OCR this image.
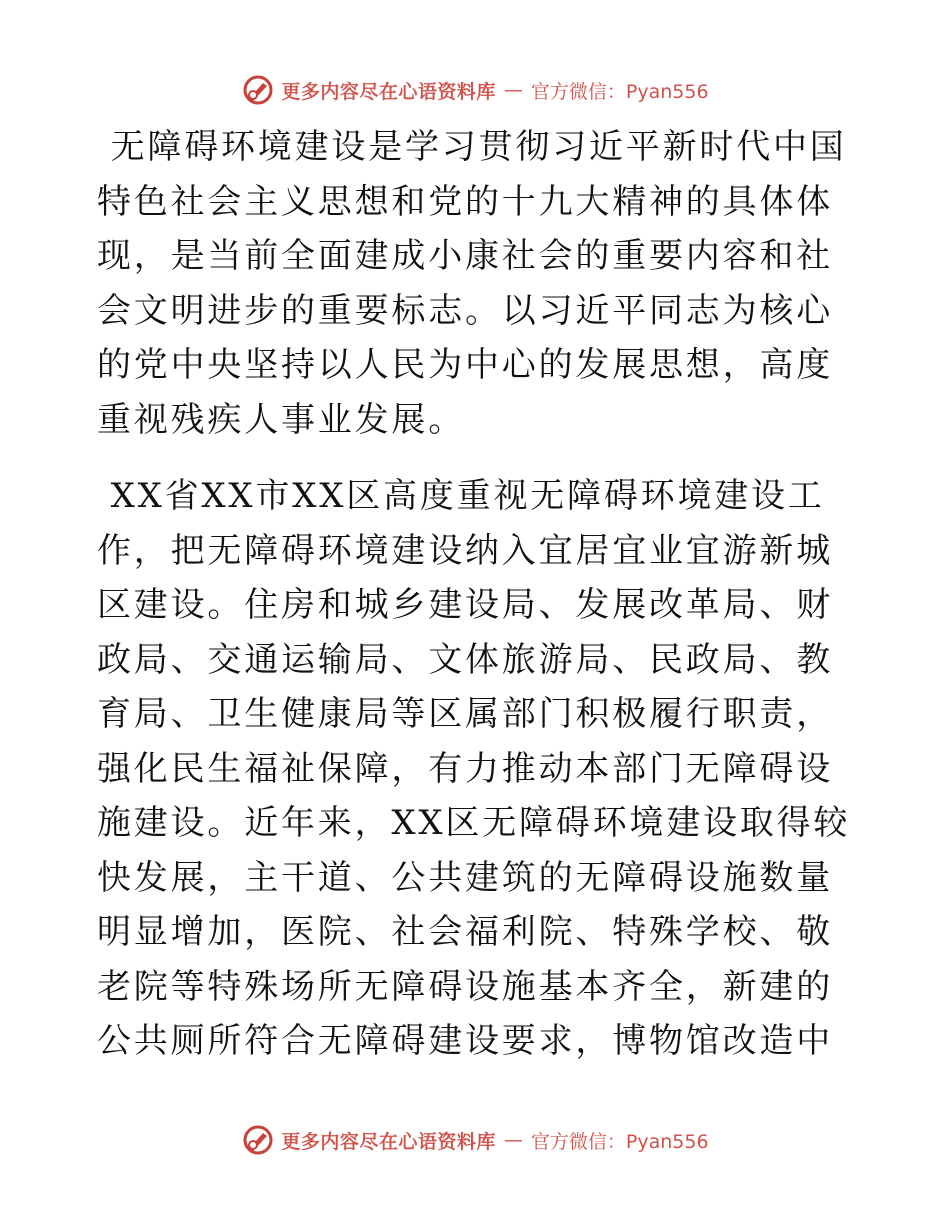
更多内容尽在心语资料库 — 官方微信：Pyan556

无障碍环境建设是学习贯彻习近平新时代中国特色社会主义思想和党的十九大精神的具体体现，是当前全面建成小康社会的重要内容和社会文明进步的重要标志。以习近平同志为核心的党中央坚持以人民为中心的发展思想，高度重视残疾人事业发展。

XX省XX市XX区高度重视无障碍环境建设工作，把无障碍环境建设纳入宜居宜业宜游新城区建设。住房和城乡建设局、发展改革局、财政局、交通运输局、文体旅游局、民政局、教育局、卫生健康局等区属部门积极履行职责，强化民生福祉保障，有力推动本部门无障碍设施建设。近年来，XX区无障碍环境建设取得较快发展，主干道、公共建筑的无障碍设施数量明显增加，医院、社会福利院、特殊学校、敬老院等特殊场所无障碍设施基本齐全，新建的公共厕所符合无障碍建设要求，博物馆改造中

更多内容尽在心语资料库 — 官方微信：Pyan556
